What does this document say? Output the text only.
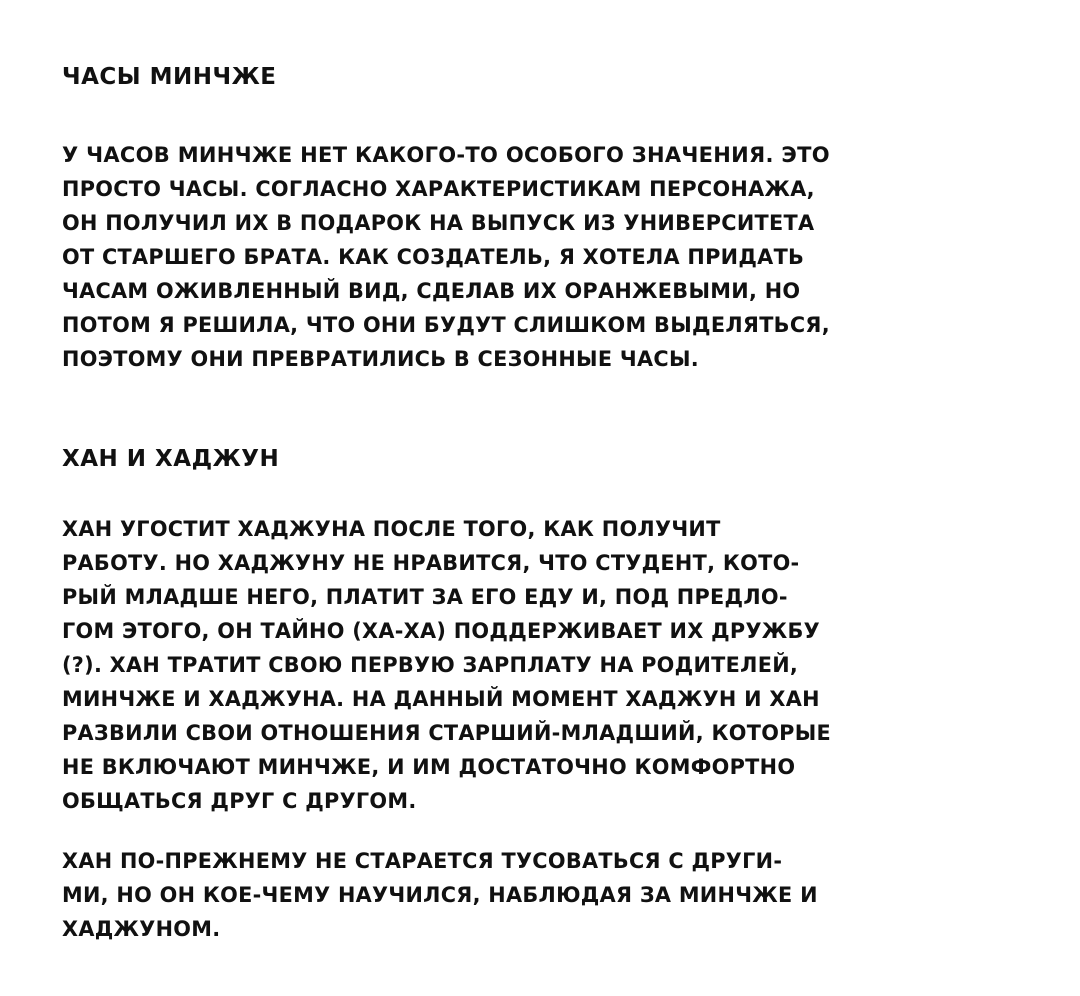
ЧАСЫ МИНЧЖЕ
У ЧАСОВ МИНЧЖЕ НЕТ КАКОГО-ТО ОСОБОГО ЗНАЧЕНИЯ. ЭТО
ПРОСТО ЧАСЫ. СОГЛАСНО ХАРАКТЕРИСТИКАМ ПЕРСОНАЖА,
ОН ПОЛУЧИЛ ИХ В ПОДАРОК НА ВЫПУСК ИЗ УНИВЕРСИТЕТА
ОТ СТАРШЕГО БРАТА. КАК СОЗДАТЕЛЬ, Я ХОТЕЛА ПРИДАТЬ
ЧАСАМ ОЖИВЛЕННЫЙ ВИД, СДЕЛАВ ИХ ОРАНЖЕВЫМИ, НО
ПОТОМ Я РЕШИЛА, ЧТО ОНИ БУДУТ СЛИШКОМ ВЫДЕЛЯТЬСЯ,
ПОЭТОМУ ОНИ ПРЕВРАТИЛИСЬ В СЕЗОННЫЕ ЧАСЫ.
ХАН И ХАДЖУН
ХАН УГОСТИТ ХАДЖУНА ПОСЛЕ ТОГО, КАК ПОЛУЧИТ
РАБОТУ. НО ХАДЖУНУ НЕ НРАВИТСЯ, ЧТО СТУДЕНТ, КОТО-
РЫЙ МЛАДШЕ НЕГО, ПЛАТИТ ЗА ЕГО ЕДУ И, ПОД ПРЕДЛО-
ГОМ ЭТОГО, ОН ТАЙНО (ХА-ХА) ПОДДЕРЖИВАЕТ ИХ ДРУЖБУ
(?). ХАН ТРАТИТ СВОЮ ПЕРВУЮ ЗАРПЛАТУ НА РОДИТЕЛЕЙ,
МИНЧЖЕ И ХАДЖУНА. НА ДАННЫЙ МОМЕНТ ХАДЖУН И ХАН
РАЗВИЛИ СВОИ ОТНОШЕНИЯ СТАРШИЙ-МЛАДШИЙ, КОТОРЫЕ
НЕ ВКЛЮЧАЮТ МИНЧЖЕ, И ИМ ДОСТАТОЧНО КОМФОРТНО
ОБЩАТЬСЯ ДРУГ С ДРУГОМ.
ХАН ПО-ПРЕЖНЕМУ НЕ СТАРАЕТСЯ ТУСОВАТЬСЯ С ДРУГИ-
МИ, НО ОН КОЕ-ЧЕМУ НАУЧИЛСЯ, НАБЛЮДАЯ ЗА МИНЧЖЕ И
ХАДЖУНОМ.
